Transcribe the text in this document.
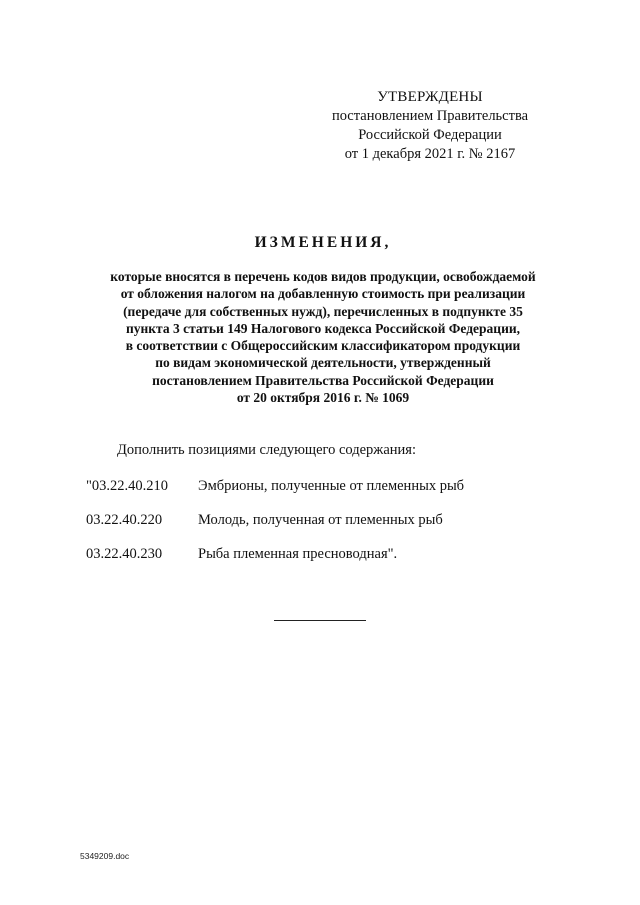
УТВЕРЖДЕНЫ
постановлением Правительства
Российской Федерации
от 1 декабря 2021 г. № 2167
ИЗМЕНЕНИЯ,
которые вносятся в перечень кодов видов продукции, освобождаемой
от обложения налогом на добавленную стоимость при реализации
(передаче для собственных нужд), перечисленных в подпункте 35
пункта 3 статьи 149 Налогового кодекса Российской Федерации,
в соответствии с Общероссийским классификатором продукции
по видам экономической деятельности, утвержденный
постановлением Правительства Российской Федерации
от 20 октября 2016 г. № 1069
Дополнить позициями следующего содержания:
"03.22.40.210	Эмбрионы, полученные от племенных рыб
03.22.40.220	Молодь, полученная от племенных рыб
03.22.40.230	Рыба племенная пресноводная".
5349209.doc
